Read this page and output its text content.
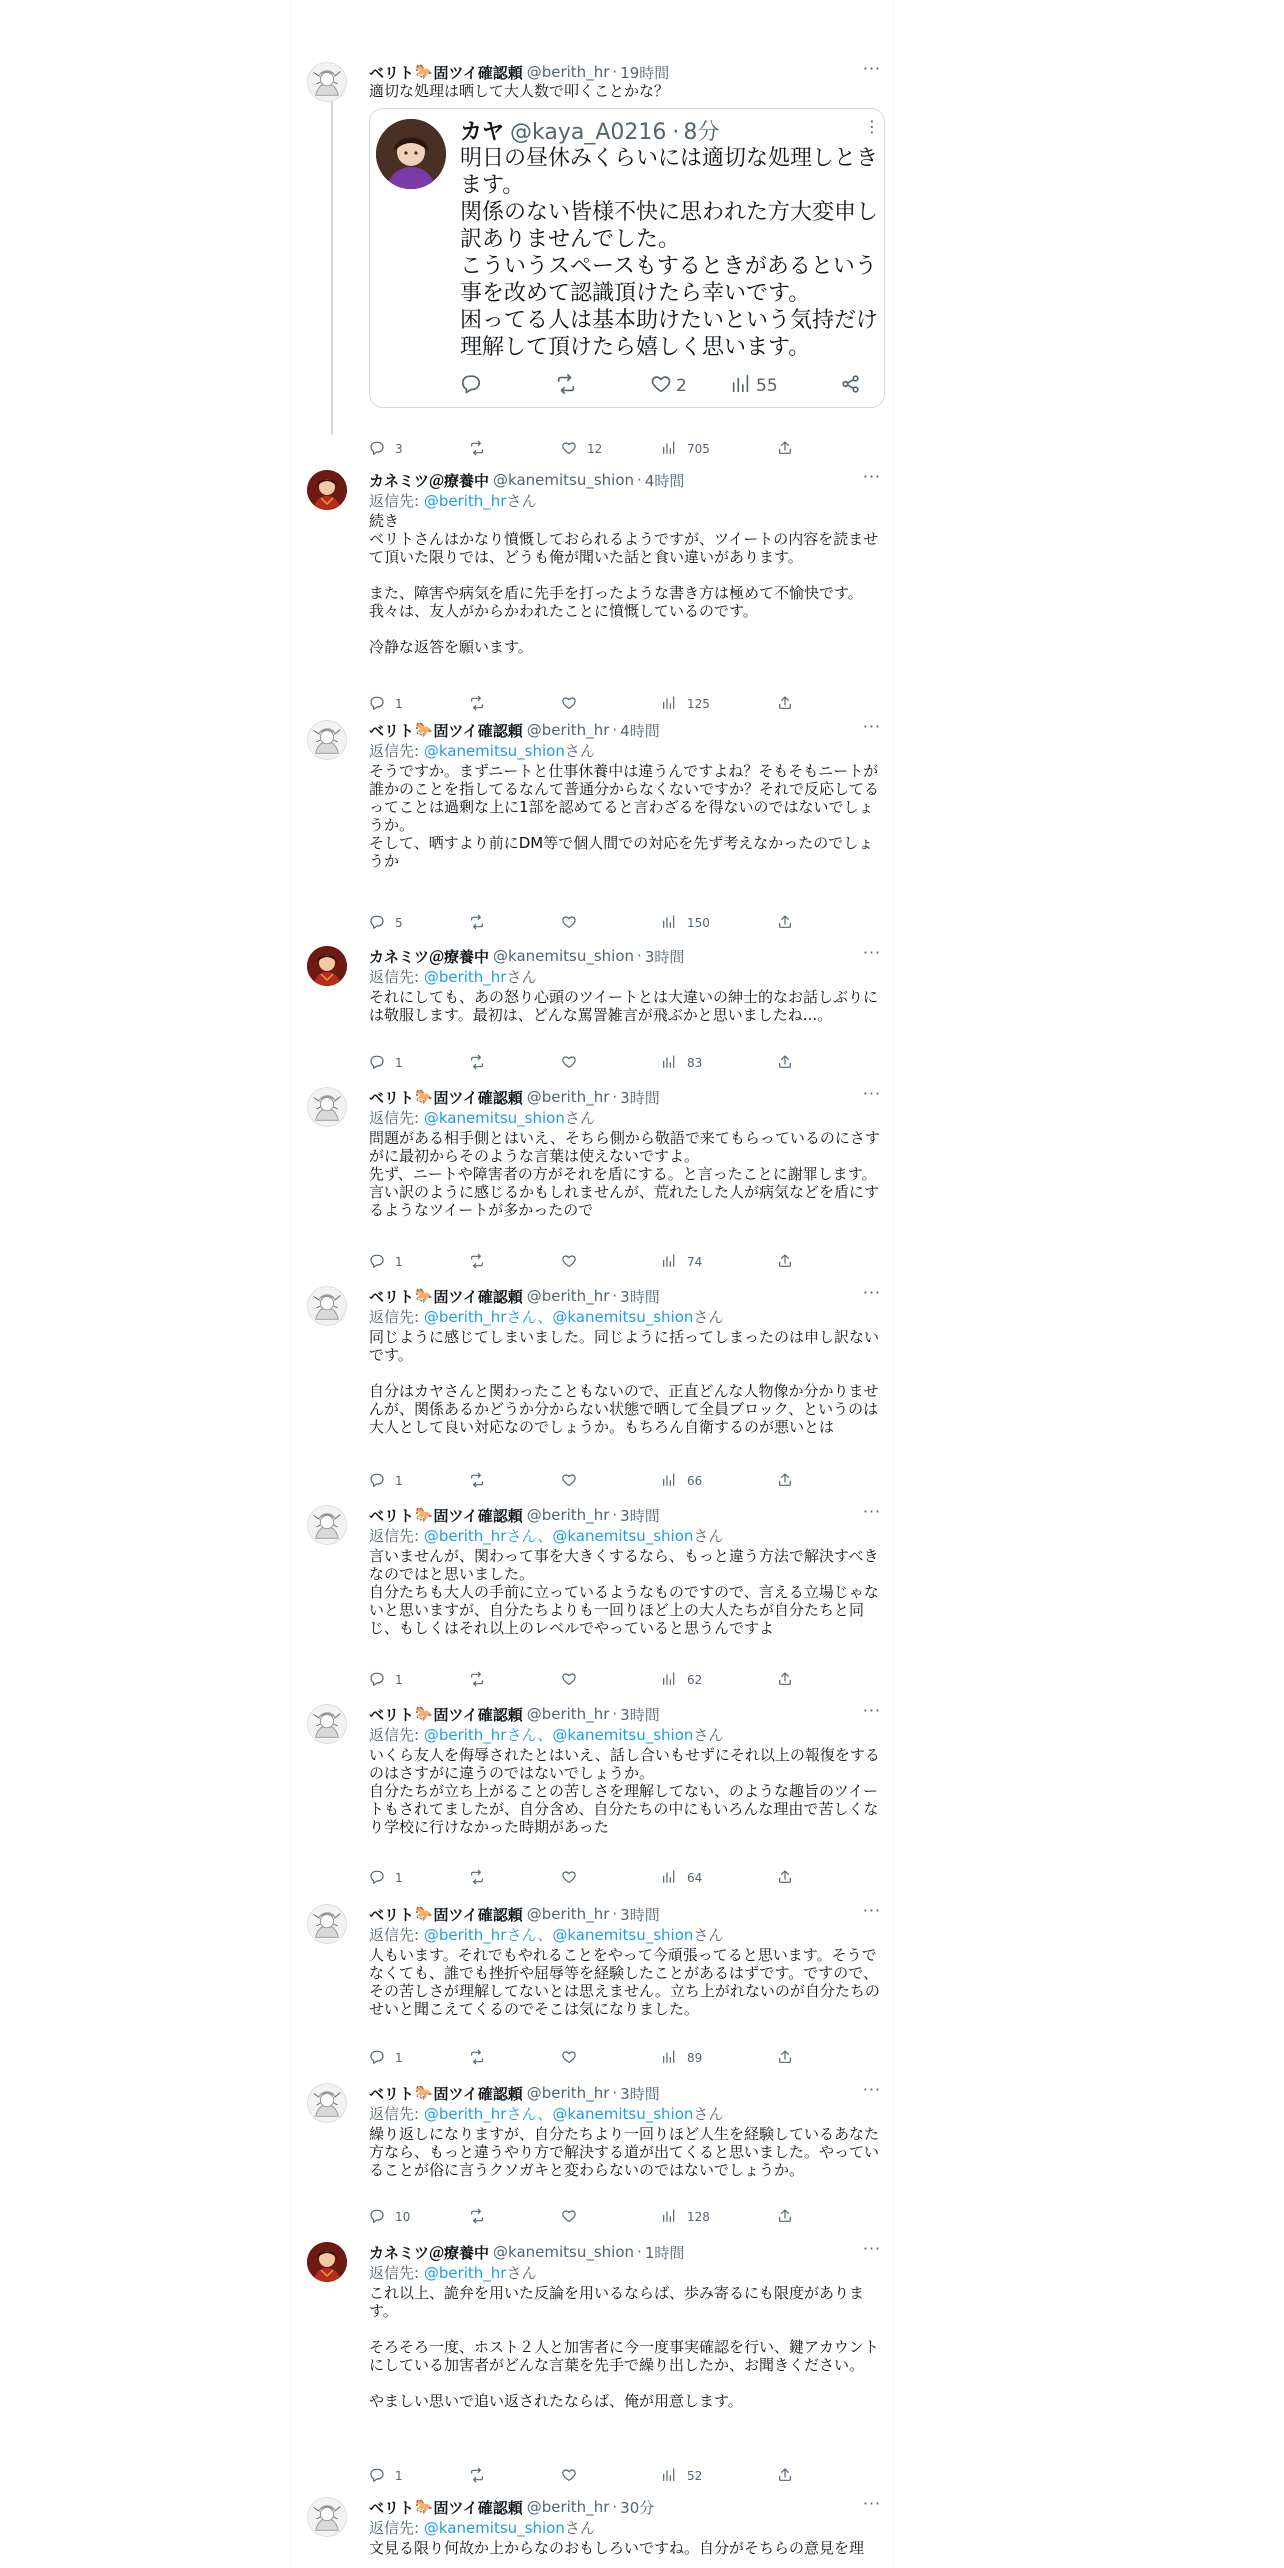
ベリト 🐎 固ツイ確認頼 @berith_hr · 19時間	···

適切な処理は晒して大人数で叩くことかな？

カヤ @kaya_A0216 · 8分	⋮

明日の昼休みくらいには適切な処理しときます。

関係のない皆様不快に思われた方大変申し訳ありませんでした。

こういうスペースもするときがあるという事を改めて認識頂けたら幸いです。

困ってる人は基本助けたいという気持だけ理解して頂けたら嬉しく思います。

2	55
3	12	705
カネミツ＠療養中 @kanemitsu_shion · 4時間	···
返信先: @berith_hrさん

続き

ベリトさんはかなり憤慨しておられるようですが、ツイートの内容を読ませて頂いた限りでは、どうも俺が聞いた話と食い違いがあります。

また、障害や病気を盾に先手を打ったような書き方は極めて不愉快です。我々は、友人がからかわれたことに憤慨しているのです。

冷静な返答を願います。

1	125
ベリト 🐎 固ツイ確認頼 @berith_hr · 4時間	···
返信先: @kanemitsu_shionさん

そうですか。まずニートと仕事休養中は違うんですよね？そもそもニートが誰かのことを指してるなんて普通分からなくないですか？それで反応してるってことは過剰な上に1部を認めてると言わざるを得ないのではないでしょうか。

そして、晒すより前にDM等で個人間での対応を先ず考えなかったのでしょうか

5	150
カネミツ＠療養中 @kanemitsu_shion · 3時間	···
返信先: @berith_hrさん

それにしても、あの怒り心頭のツイートとは大違いの紳士的なお話しぶりには敬服します。最初は、どんな罵詈雑言が飛ぶかと思いましたね...。

1	83
ベリト 🐎 固ツイ確認頼 @berith_hr · 3時間	···
返信先: @kanemitsu_shionさん

問題がある相手側とはいえ、そちら側から敬語で来てもらっているのにさすがに最初からそのような言葉は使えないですよ。

先ず、ニートや障害者の方がそれを盾にする。と言ったことに謝罪します。言い訳のように感じるかもしれませんが、荒れたした人が病気などを盾にするようなツイートが多かったので

1	74
ベリト 🐎 固ツイ確認頼 @berith_hr · 3時間	···
返信先: @berith_hrさん、@kanemitsu_shionさん

同じように感じてしまいました。同じように括ってしまったのは申し訳ないです。

自分はカヤさんと関わったこともないので、正直どんな人物像か分かりませんが、関係あるかどうか分からない状態で晒して全員ブロック、というのは大人として良い対応なのでしょうか。もちろん自衛するのが悪いとは

1	66
ベリト 🐎 固ツイ確認頼 @berith_hr · 3時間	···
返信先: @berith_hrさん、@kanemitsu_shionさん

言いませんが、関わって事を大きくするなら、もっと違う方法で解決すべきなのではと思いました。

自分たちも大人の手前に立っているようなものですので、言える立場じゃないと思いますが、自分たちよりも一回りほど上の大人たちが自分たちと同じ、もしくはそれ以上のレベルでやっていると思うんですよ

1	62
ベリト 🐎 固ツイ確認頼 @berith_hr · 3時間	···
返信先: @berith_hrさん、@kanemitsu_shionさん

いくら友人を侮辱されたとはいえ、話し合いもせずにそれ以上の報復をするのはさすがに違うのではないでしょうか。

自分たちが立ち上がることの苦しさを理解してない、のような趣旨のツイートもされてましたが、自分含め、自分たちの中にもいろんな理由で苦しくなり学校に行けなかった時期があった

1	64
ベリト 🐎 固ツイ確認頼 @berith_hr · 3時間	···
返信先: @berith_hrさん、@kanemitsu_shionさん

人もいます。それでもやれることをやって今頑張ってると思います。そうでなくても、誰でも挫折や屈辱等を経験したことがあるはずです。ですので、その苦しさが理解してないとは思えません。立ち上がれないのが自分たちのせいと聞こえてくるのでそこは気になりました。

1	89
ベリト 🐎 固ツイ確認頼 @berith_hr · 3時間	···
返信先: @berith_hrさん、@kanemitsu_shionさん

繰り返しになりますが、自分たちより一回りほど人生を経験しているあなた方なら、もっと違うやり方で解決する道が出てくると思いました。やっていることが俗に言うクソガキと変わらないのではないでしょうか。

10	128
カネミツ＠療養中 @kanemitsu_shion · 1時間	···
返信先: @berith_hrさん

これ以上、詭弁を用いた反論を用いるならば、歩み寄るにも限度があります。

そろそろ一度、ホスト２人と加害者に今一度事実確認を行い、鍵アカウントにしている加害者がどんな言葉を先手で繰り出したか、お聞きください。

やましい思いで追い返されたならば、俺が用意します。

1	52
ベリト 🐎 固ツイ確認頼 @berith_hr · 30分	···
返信先: @kanemitsu_shionさん

文見る限り何故か上からなのおもしろいですね。自分がそちらの意見を理
